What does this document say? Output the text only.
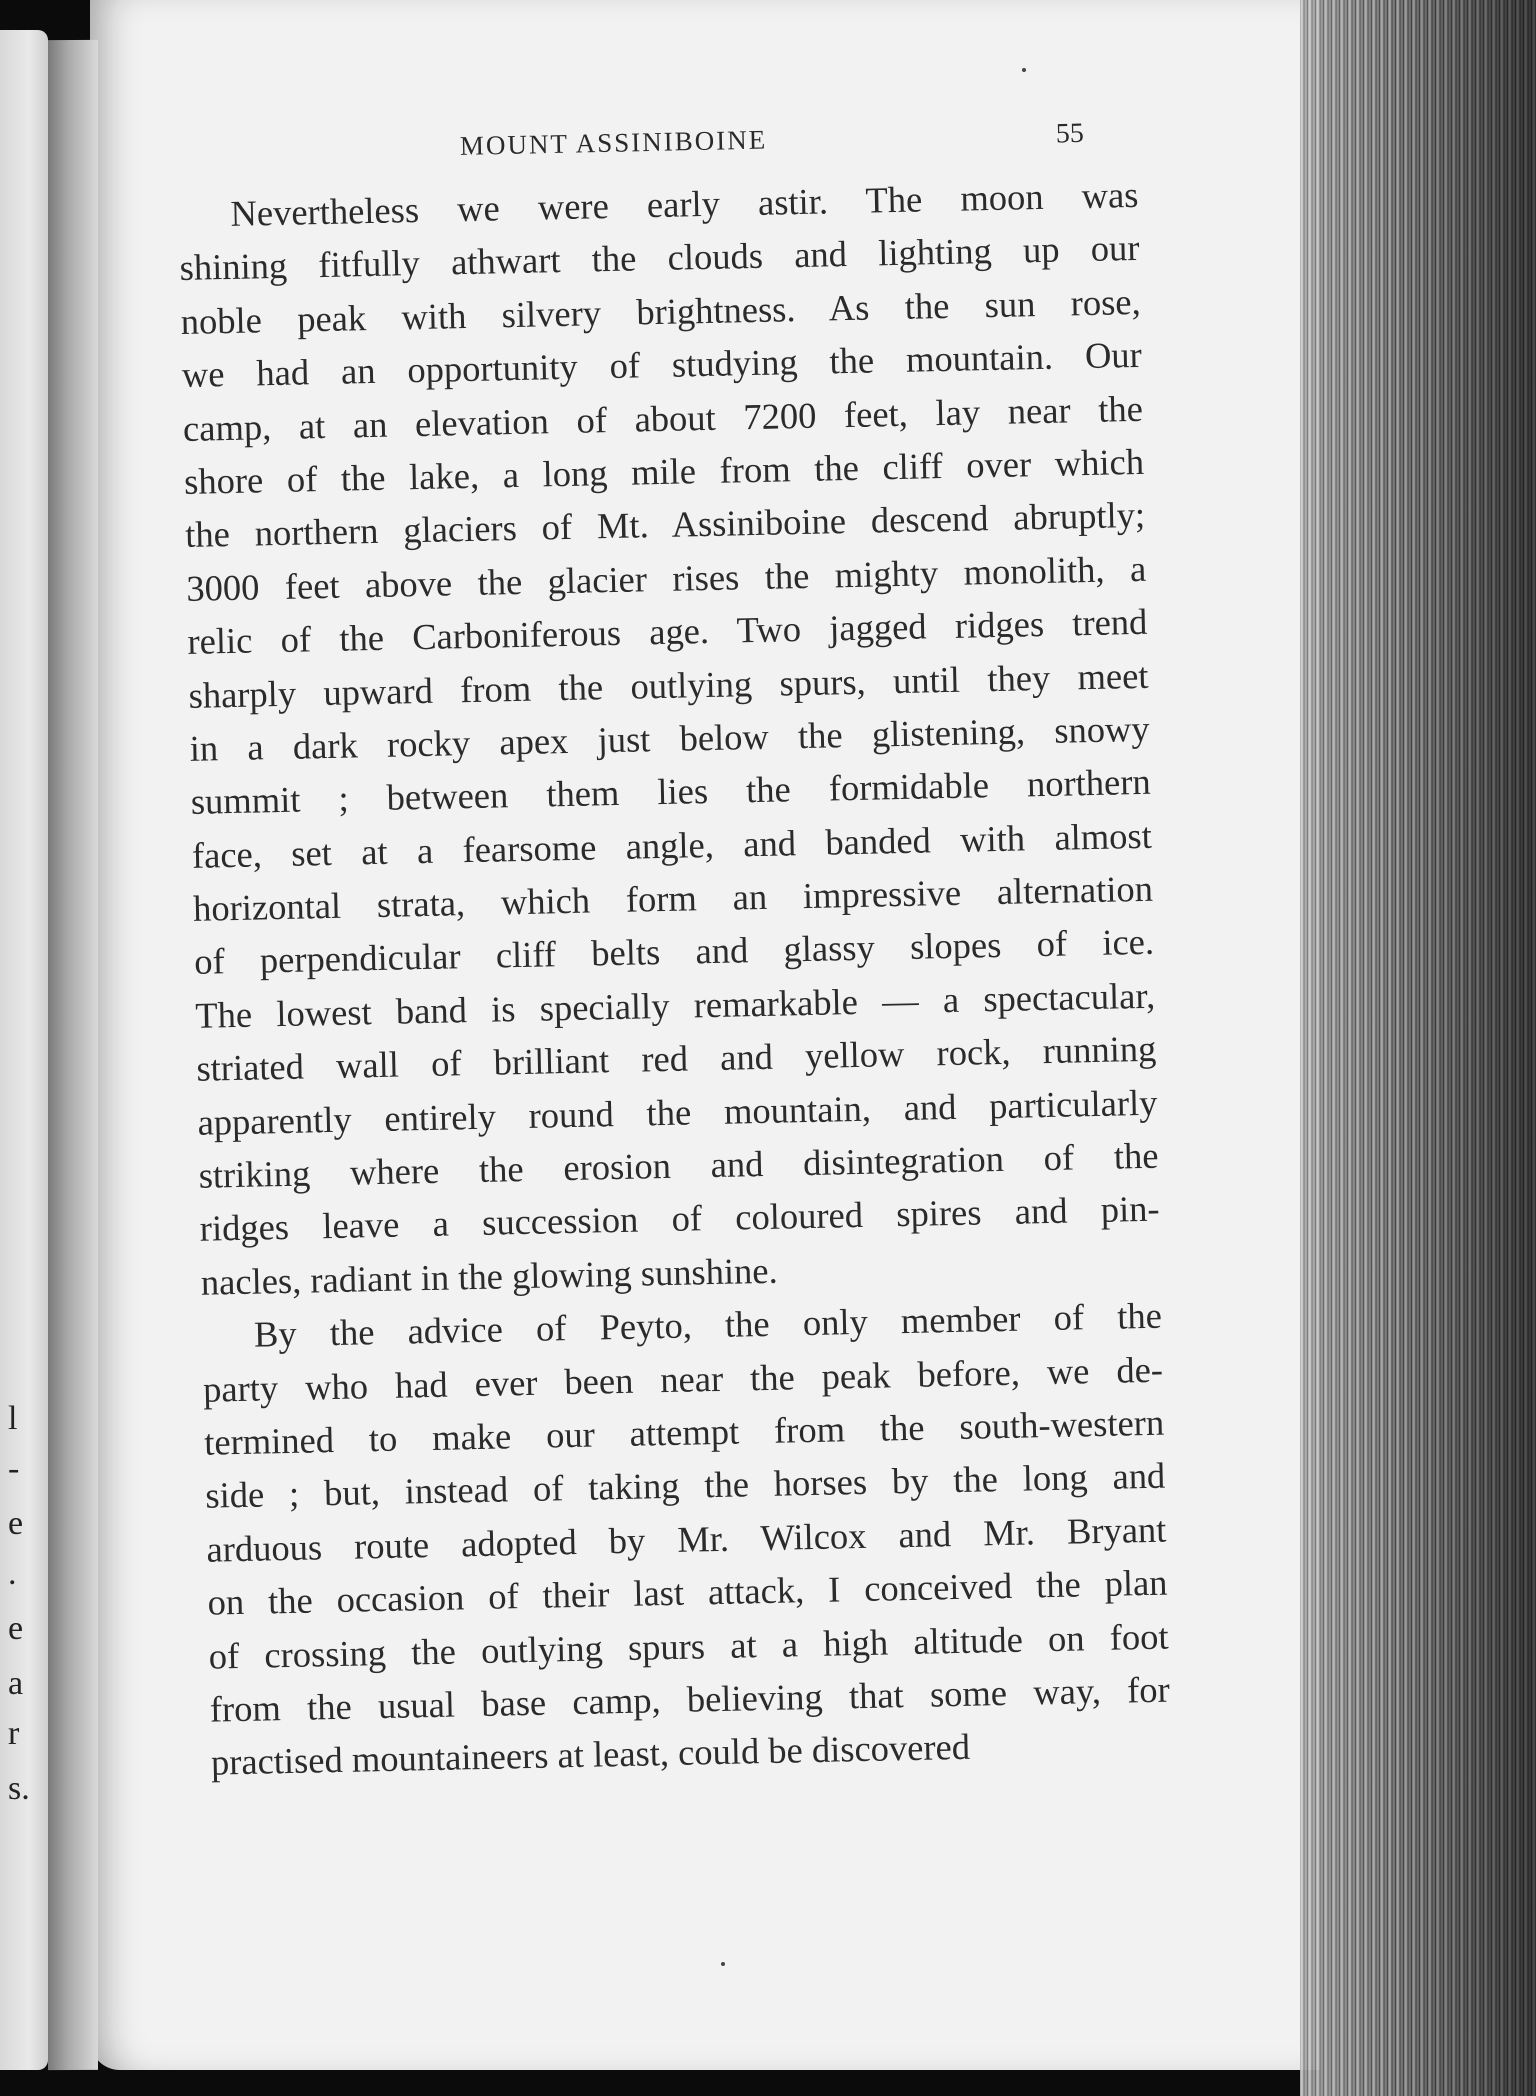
l
-
e
.
e
a
r
s.
MOUNT ASSINIBOINE	55
Nevertheless we were early astir. The moon was
shining fitfully athwart the clouds and lighting up our
noble peak with silvery brightness. As the sun rose,
we had an opportunity of studying the mountain. Our
camp, at an elevation of about 7200 feet, lay near the
shore of the lake, a long mile from the cliff over which
the northern glaciers of Mt. Assiniboine descend abruptly;
3000 feet above the glacier rises the mighty monolith, a
relic of the Carboniferous age. Two jagged ridges trend
sharply upward from the outlying spurs, until they meet
in a dark rocky apex just below the glistening, snowy
summit ; between them lies the formidable northern
face, set at a fearsome angle, and banded with almost
horizontal strata, which form an impressive alternation
of perpendicular cliff belts and glassy slopes of ice.
The lowest band is specially remarkable — a spectacular,
striated wall of brilliant red and yellow rock, running
apparently entirely round the mountain, and particularly
striking where the erosion and disintegration of the
ridges leave a succession of coloured spires and pin-
nacles, radiant in the glowing sunshine.
By the advice of Peyto, the only member of the
party who had ever been near the peak before, we de-
termined to make our attempt from the south-western
side ; but, instead of taking the horses by the long and
arduous route adopted by Mr. Wilcox and Mr. Bryant
on the occasion of their last attack, I conceived the plan
of crossing the outlying spurs at a high altitude on foot
from the usual base camp, believing that some way, for
practised mountaineers at least, could be discovered
